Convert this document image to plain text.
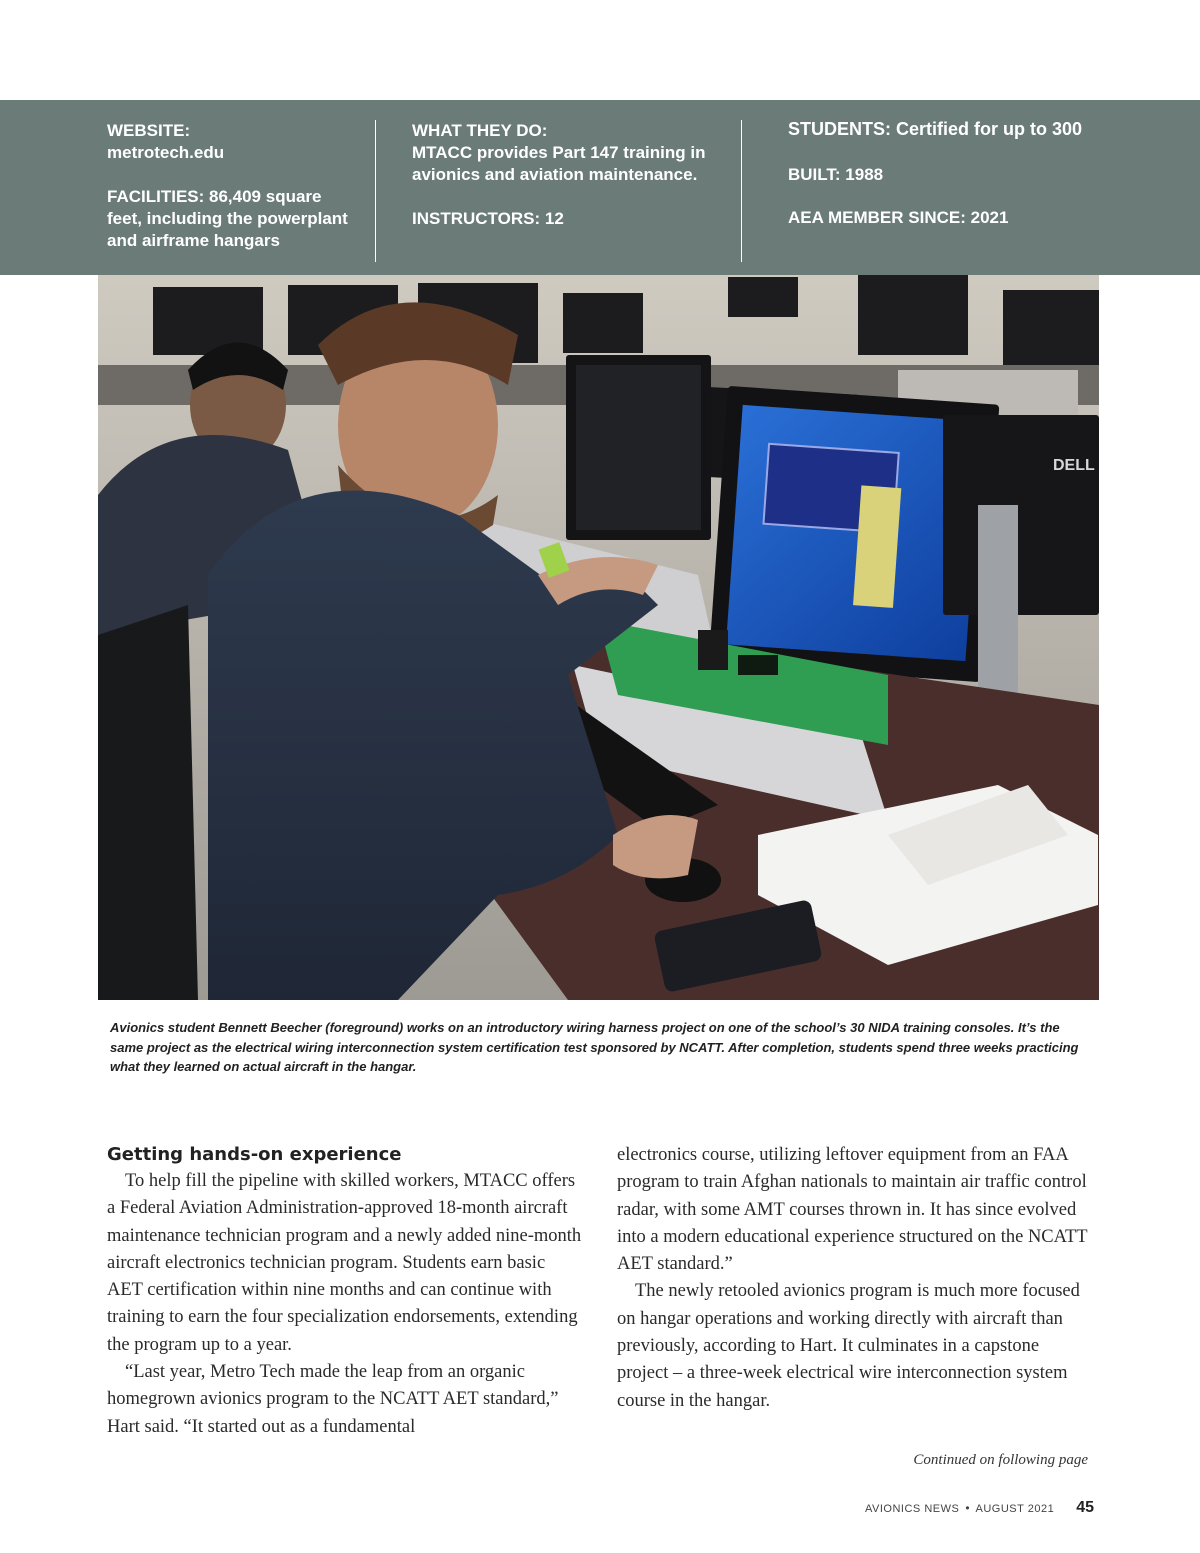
WEBSITE:
metrotech.edu
FACILITIES: 86,409 square feet, including the powerplant and airframe hangars
WHAT THEY DO:
MTACC provides Part 147 training in avionics and aviation maintenance.
INSTRUCTORS: 12
STUDENTS: Certified for up to 300
BUILT: 1988
AEA MEMBER SINCE: 2021
DELL
Avionics student Bennett Beecher (foreground) works on an introductory wiring harness project on one of the school’s 30 NIDA training consoles. It’s the same project as the electrical wiring interconnection system certification test sponsored by NCATT. After completion, students spend three weeks practicing what they learned on actual aircraft in the hangar.

Getting hands-on experience

To help fill the pipeline with skilled workers, MTACC offers a Federal Aviation Administration-approved 18-month aircraft maintenance technician program and a newly added nine-month aircraft electronics technician program. Students earn basic AET certification within nine months and can continue with training to earn the four specialization endorsements, extending the program up to a year.

“Last year, Metro Tech made the leap from an organic homegrown avionics program to the NCATT AET standard,” Hart said. “It started out as a fundamental

electronics course, utilizing leftover equipment from an FAA program to train Afghan nationals to maintain air traffic control radar, with some AMT courses thrown in. It has since evolved into a modern educational experience structured on the NCATT AET standard.”

The newly retooled avionics program is much more focused on hangar operations and working directly with aircraft than previously, according to Hart. It culminates in a capstone project – a three-week electrical wire interconnection system course in the hangar.

Continued on following page
AVIONICS NEWS • AUGUST 2021 45
